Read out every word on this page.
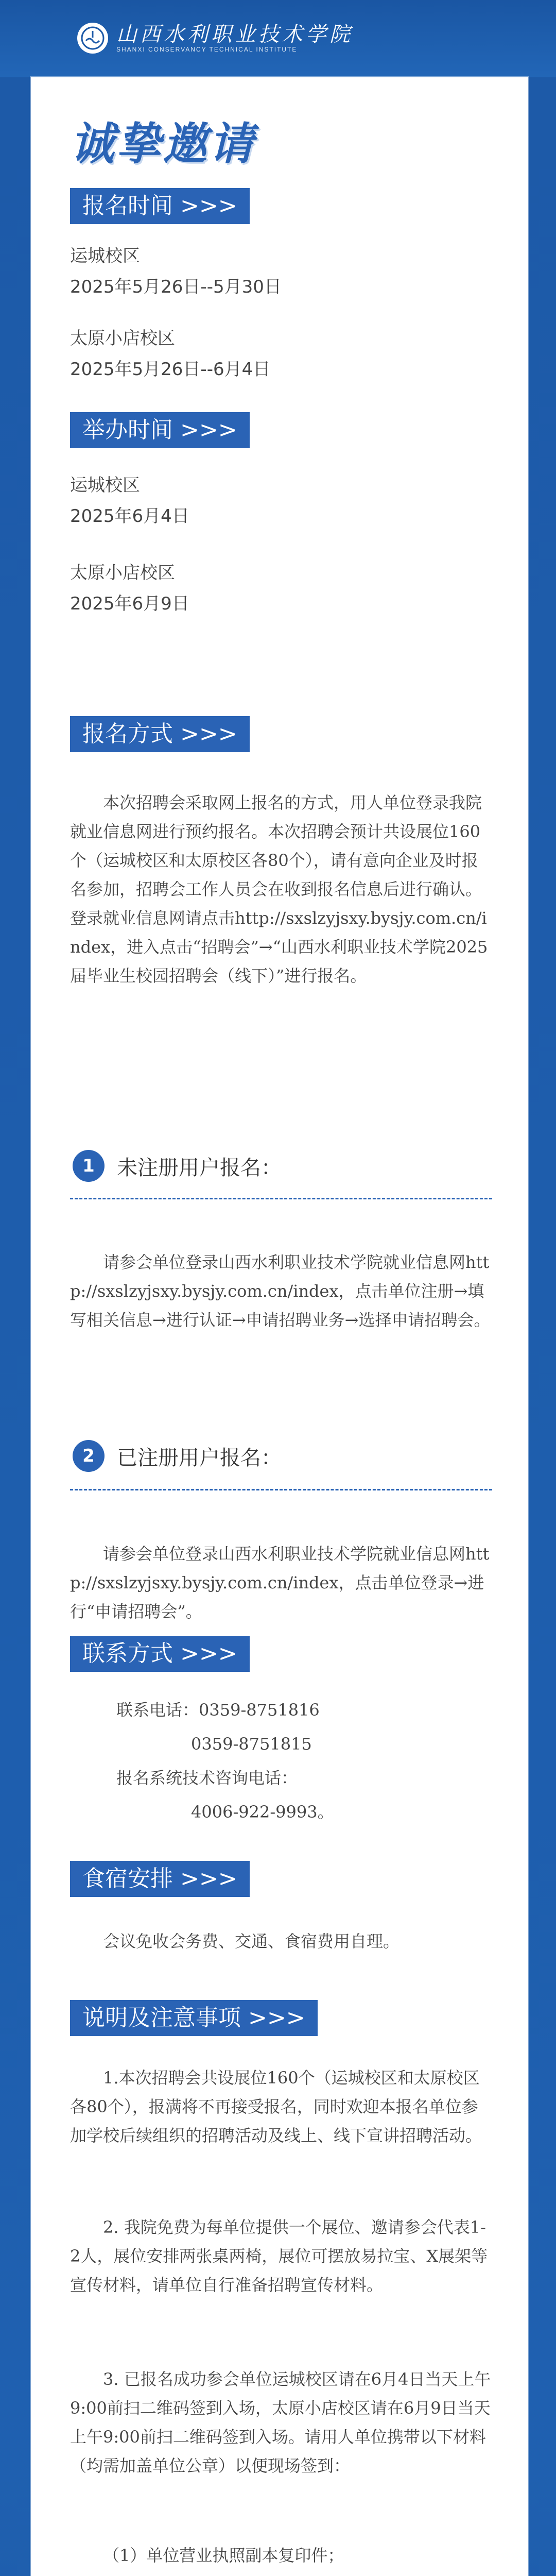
山西水利职业技术学院
SHANXI CONSERVANCY TECHNICAL INSTITUTE
诚挚邀请
报名时间 >>>
运城校区
2025年5月26日--5月30日
太原小店校区
2025年5月26日--6月4日
举办时间 >>>
运城校区
2025年6月4日
太原小店校区
2025年6月9日
报名方式 >>>
本次招聘会采取网上报名的方式，用人单位登录我院就业信息网进行预约报名。本次招聘会预计共设展位160个（运城校区和太原校区各80个），请有意向企业及时报名参加，招聘会工作人员会在收到报名信息后进行确认。登录就业信息网请点击http://sxslzyjsxy.bysjy.com.cn/index，进入点击“招聘会”→“山西水利职业技术学院2025届毕业生校园招聘会（线下）”进行报名。
1	未注册用户报名：
请参会单位登录山西水利职业技术学院就业信息网http://sxslzyjsxy.bysjy.com.cn/index，点击单位注册→填写相关信息→进行认证→申请招聘业务→选择申请招聘会。
2	已注册用户报名：
请参会单位登录山西水利职业技术学院就业信息网http://sxslzyjsxy.bysjy.com.cn/index，点击单位登录→进行“申请招聘会”。
联系方式 >>>
联系电话：0359-8751816
0359-8751815
报名系统技术咨询电话：
4006-922-9993。
食宿安排 >>>
会议免收会务费、交通、食宿费用自理。
说明及注意事项 >>>
1.本次招聘会共设展位160个（运城校区和太原校区各80个），报满将不再接受报名，同时欢迎本报名单位参加学校后续组织的招聘活动及线上、线下宣讲招聘活动。
2. 我院免费为每单位提供一个展位、邀请参会代表1-2人，展位安排两张桌两椅，展位可摆放易拉宝、X展架等宣传材料，请单位自行准备招聘宣传材料。
3. 已报名成功参会单位运城校区请在6月4日当天上午9:00前扫二维码签到入场，太原小店校区请在6月9日当天上午9:00前扫二维码签到入场。请用人单位携带以下材料（均需加盖单位公章）以便现场签到：
（1）单位营业执照副本复印件；
